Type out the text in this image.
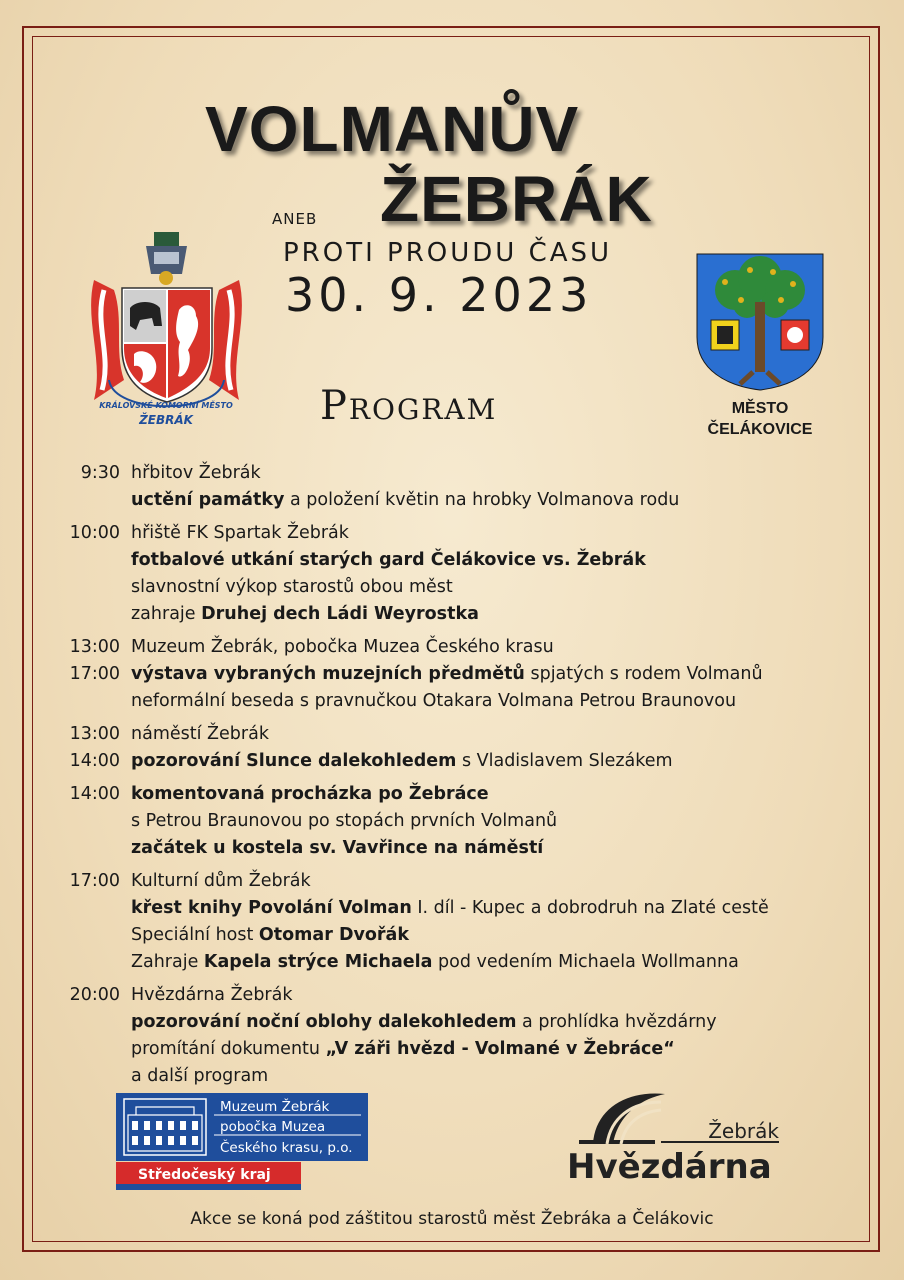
VOLMANŮV
ŽEBRÁK
ANEB
PROTI PROUDU ČASU
30. 9. 2023
Program
KRÁLOVSKÉ KOMORNÍ MĚSTO
ŽEBRÁK
MĚSTO
ČELÁKOVICE
9:30 hřbitov Žebrák
uctění památky a položení květin na hrobky Volmanova rodu
10:00 hřiště FK Spartak Žebrák
fotbalové utkání starých gard Čelákovice vs. Žebrák
slavnostní výkop starostů obou měst
zahraje Druhej dech Ládi Weyrostka
13:00
17:00
Muzeum Žebrák, pobočka Muzea Českého krasu
výstava vybraných muzejních předmětů spjatých s rodem Volmanů
neformální beseda s pravnučkou Otakara Volmana Petrou Braunovou
13:00
14:00
náměstí Žebrák
pozorování Slunce dalekohledem s Vladislavem Slezákem
14:00 komentovaná procházka po Žebráce
s Petrou Braunovou po stopách prvních Volmanů
začátek u kostela sv. Vavřince na náměstí
17:00 Kulturní dům Žebrák
křest knihy Povolání Volman I. díl - Kupec a dobrodruh na Zlaté cestě
Speciální host Otomar Dvořák
Zahraje Kapela strýce Michaela pod vedením Michaela Wollmanna
20:00 Hvězdárna Žebrák
pozorování noční oblohy dalekohledem a prohlídka hvězdárny
promítání dokumentu „V záři hvězd - Volmané v Žebráce“
a další program
Muzeum Žebrák
pobočka Muzea
Českého krasu, p.o.
Středočeský kraj
Žebrák
Hvězdárna
Akce se koná pod záštitou starostů měst Žebráka a Čelákovic
